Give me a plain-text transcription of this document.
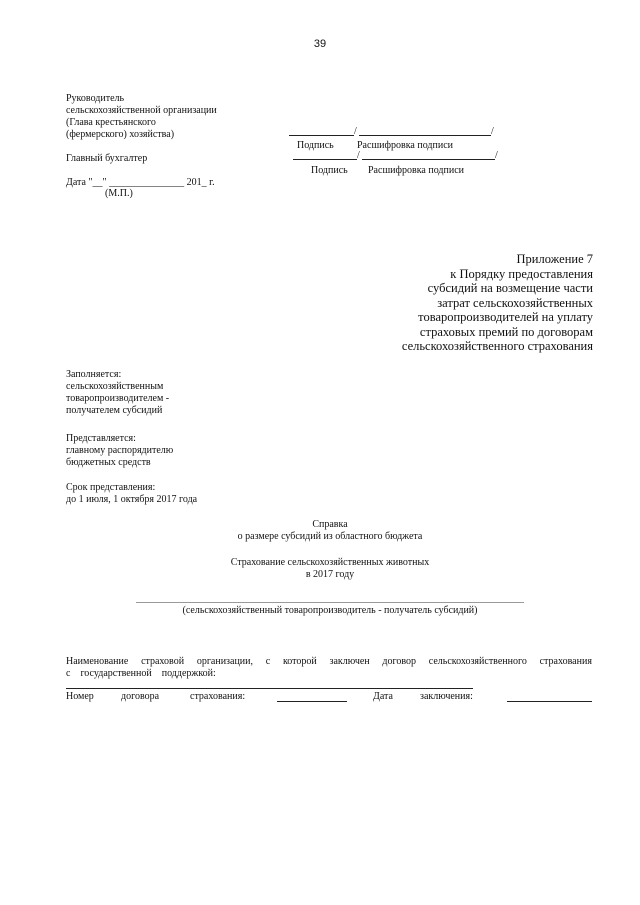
39
Руководитель
сельскохозяйственной организации
(Глава крестьянского
(фермерского) хозяйства)	/	/
Подпись Расшифровка подписи
Главный бухгалтер	/	/
Подпись Расшифровка подписи
Дата "__" _______________ 201_ г.
(М.П.)
Приложение 7
к Порядку предоставления
субсидий на возмещение части
затрат сельскохозяйственных
товаропроизводителей на уплату
страховых премий по договорам
сельскохозяйственного страхования
Заполняется:
сельскохозяйственным
товаропроизводителем -
получателем субсидий
Представляется:
главному распорядителю
бюджетных средств
Срок представления:
до 1 июля, 1 октября 2017 года
Справка
о размере субсидий из областного бюджета
Страхование сельскохозяйственных животных
в 2017 году
(сельскохозяйственный товаропроизводитель - получатель субсидий)
Наименование страховой организации, с которой заключен договор сельскохозяйственного страхования
с государственной поддержкой:
Номер	договора	страхования:	Дата	заключения:
